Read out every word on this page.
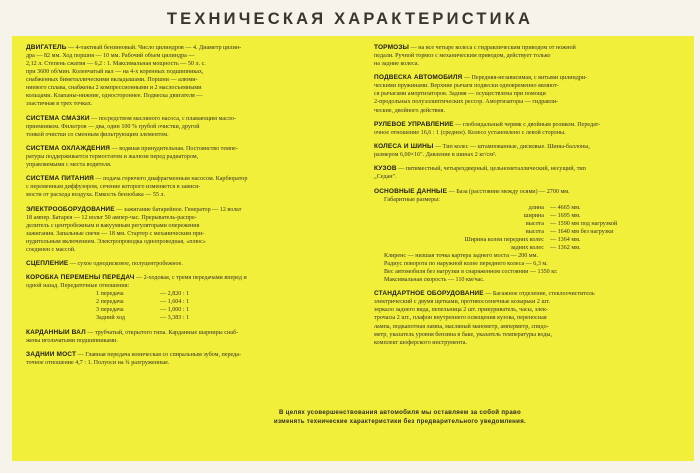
ТЕХНИЧЕСКАЯ ХАРАКТЕРИСТИКА
ДВИГАТЕЛЬ — 4-тактный бензиновый. Число цилиндров — 4. Диаметр цилин-
дра — 82 мм. Ход поршня — 10 мм. Рабочий объем цилиндра —
2,12 л. Степень сжатия — 6,2 : 1. Максимальная мощность — 50 л. с.
при 3600 об/мин. Коленчатый вал — на 4-х коренных подшипниках,
снабженных биметаллическими вкладышами. Поршни — алюми-
ниевого сплава, снабжены 2 компрессионными и 2 маслосъемными
кольцами. Клапаны-нижние, одностороннее. Подвеска двигателя —
эластичная в трех точках.
СИСТЕМА СМАЗКИ — посредством масляного насоса, с плавающим масло-
приемником. Фильтров — два, один 100 % грубой очистки, другой
тонкой очистки со сменным фильтрующим элементом.
СИСТЕМА ОХЛАЖДЕНИЯ — водяная принудительная. Постоянство темпе-
ратуры поддерживается термостатом и жалюзи перед радиатором,
управляемыми с места водителя.
СИСТЕМА ПИТАНИЯ — подача горючего диафрагменным насосом. Карбюратор
с переменным диффузором, сечение которого изменяется в зависи-
мости от расхода воздуха. Емкость бензобака — 55 л.
ЭЛЕКТРООБОРУДОВАНИЕ — зажигание батарейное. Генератор — 12 вольт
18 ампер. Батарея — 12 вольт 50 ампер-час. Прерыватель-распре-
делитель с центробежным и вакуумным регуляторами опережения
зажигания. Запальные свечи — 18 мм. Стартер с механическим при-
нудительным включением. Электропроводка однопроводная, «плюс»
соединен с массой.
СЦЕПЛЕНИЕ — сухое однодисковое, полуцентробежное.
КОРОБКА ПЕРЕМЕНЫ ПЕРЕДАЧ — 2-ходовая, с тремя передачами вперед и
одной назад. Передаточные отношения:
1 передача	— 2,820 : 1
2 передача	— 1,604 : 1
3 передача	— 1,000 : 1
Задний ход	— 3,383 : 1
КАРДАННЫЙ ВАЛ — трубчатый, открытого типа. Карданные шарниры снаб-
жены игольчатыми подшипниками.
ЗАДНИЙ МОСТ — Главная передача коническая со спиральным зубом, переда-
точное отношение 4,7 : 1. Полуоси на ¾ разгруженные.
ТОРМОЗЫ — на все четыре колеса с гидравлическим приводом от ножной
педали. Ручной тормоз с механическим приводом, действует только
на задние колеса.
ПОДВЕСКА АВТОМОБИЛЯ — Передняя-независимая, с витыми цилиндри-
ческими пружинами. Верхние рычаги подвески одновременно являют-
ся рычагами амортизаторов. Задняя — осуществлена при помощи
2-продольных полуэллиптических рессор. Амортизаторы — гидравли-
ческие, двойного действия.
РУЛЕВОЕ УПРАВЛЕНИЕ — глобоидальный червяк с двойным роликом. Передат-
очное отношение 16,6 : 1 (среднее). Колесо установлено с левой стороны.
КОЛЕСА И ШИНЫ — Тип колес — штампованные, дисковые. Шины-баллоны,
размером 6,00×16". Давление в шинах 2 кг/см².
КУЗОВ — пятиместный, четырехдверный, цельнометаллический, несущий, тип
„Седан".
ОСНОВНЫЕ ДАННЫЕ — База (расстояние между осями) — 2700 мм.
Габаритные размеры:
длина — 4665 мм.
ширина — 1695 мм.
высота — 1590 мм под нагрузкой
высота — 1640 мм без нагрузки
Ширина колеи передних колес — 1364 мм.
задних колес — 1362 мм.
Клиренс — низшая точка картера заднего моста — 200 мм.
Радиус поворота по наружной колее переднего колеса — 6,3 м.
Вес автомобиля без нагрузки в снаряженном состоянии — 1350 кг.
Максимальная скорость — 110 км/час.
СТАНДАРТНОЕ ОБОРУДОВАНИЕ — Багажное отделение, стеклоочиститель
электрический с двумя щетками, противосолнечные козырьки 2 шт.
зеркало заднего вида, пепельница 2 шт. прикуриватель, часы, элек-
трочасы 2 шт., плафон внутреннего освещения кузова, переносная
лампа, подкапотная лампа, масляный манометр, амперметр, спидо-
метр, указатель уровня бензина в баке, указатель температуры воды,
комплект шоферского инструмента.
В целях усовершенствования автомобиля мы оставляем за собой право
изменять технические характеристики без предварительного уведомления.
